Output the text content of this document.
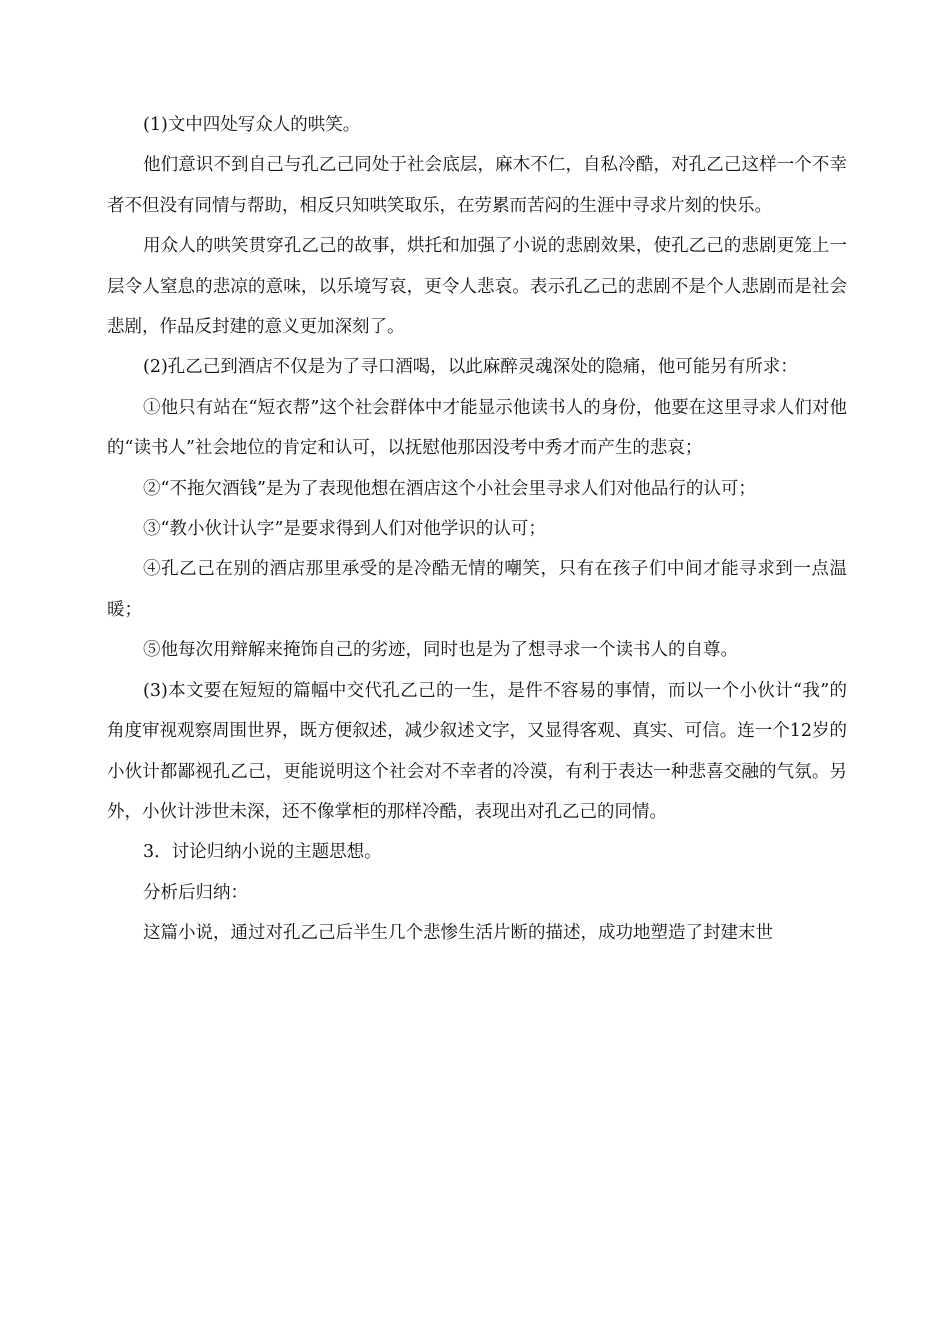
(1)文中四处写众人的哄笑。

他们意识不到自己与孔乙己同处于社会底层，麻木不仁，自私冷酷，对孔乙己这样一个不幸者不但没有同情与帮助，相反只知哄笑取乐，在劳累而苦闷的生涯中寻求片刻的快乐。

用众人的哄笑贯穿孔乙己的故事，烘托和加强了小说的悲剧效果，使孔乙己的悲剧更笼上一层令人窒息的悲凉的意味，以乐境写哀，更令人悲哀。表示孔乙己的悲剧不是个人悲剧而是社会悲剧，作品反封建的意义更加深刻了。

(2)孔乙己到酒店不仅是为了寻口酒喝，以此麻醉灵魂深处的隐痛，他可能另有所求：

①他只有站在“短衣帮”这个社会群体中才能显示他读书人的身份，他要在这里寻求人们对他的“读书人”社会地位的肯定和认可，以抚慰他那因没考中秀才而产生的悲哀；

②“不拖欠酒钱”是为了表现他想在酒店这个小社会里寻求人们对他品行的认可；

③“教小伙计认字”是要求得到人们对他学识的认可；

④孔乙己在别的酒店那里承受的是冷酷无情的嘲笑，只有在孩子们中间才能寻求到一点温暖；

⑤他每次用辩解来掩饰自己的劣迹，同时也是为了想寻求一个读书人的自尊。

(3)本文要在短短的篇幅中交代孔乙己的一生，是件不容易的事情，而以一个小伙计“我”的角度审视观察周围世界，既方便叙述，减少叙述文字，又显得客观、真实、可信。连一个12岁的小伙计都鄙视孔乙己，更能说明这个社会对不幸者的冷漠，有利于表达一种悲喜交融的气氛。另外，小伙计涉世未深，还不像掌柜的那样冷酷，表现出对孔乙己的同情。

3．讨论归纳小说的主题思想。

分析后归纳：

这篇小说，通过对孔乙己后半生几个悲惨生活片断的描述，成功地塑造了封建末世
